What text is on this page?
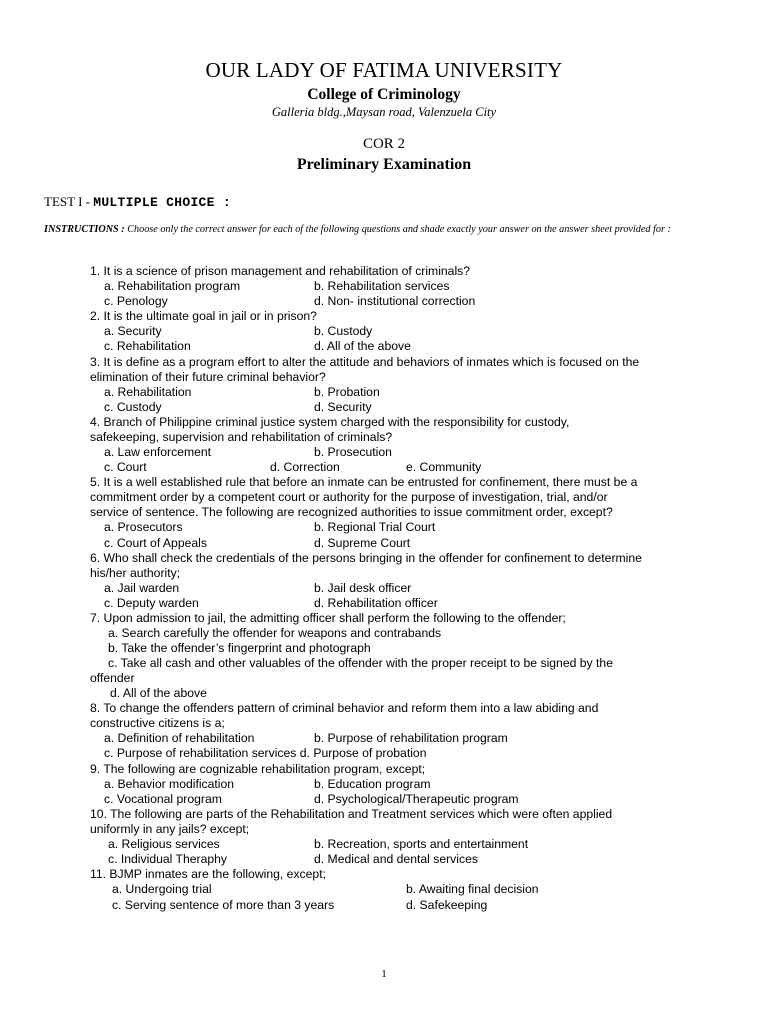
OUR LADY OF FATIMA UNIVERSITY
College of Criminology
Galleria bldg.,Maysan road, Valenzuela City
COR 2
Preliminary Examination
TEST I - MULTIPLE CHOICE :
INSTRUCTIONS : Choose only the correct answer for each of the following questions and shade exactly your answer on the answer sheet provided for :
1. It is a science of prison management and rehabilitation of criminals?
a. Rehabilitation program	b. Rehabilitation services
c. Penology	d. Non- institutional correction
2. It is the ultimate goal in jail or in prison?
a. Security	b. Custody
c. Rehabilitation	d. All of the above
3. It is define as a program effort to alter the attitude and behaviors of inmates which is focused on the
elimination of their future criminal behavior?
a. Rehabilitation	b. Probation
c. Custody	d. Security
4. Branch of Philippine criminal justice system charged with the responsibility for custody,
safekeeping, supervision and rehabilitation of criminals?
a. Law enforcement	b. Prosecution
c. Court	d. Correction	e. Community
5. It is a well established rule that before an inmate can be entrusted for confinement, there must be a
commitment order by a competent court or authority for the purpose of investigation, trial, and/or
service of sentence. The following are recognized authorities to issue commitment order, except?
a. Prosecutors	b. Regional Trial Court
c. Court of Appeals	d. Supreme Court
6. Who shall check the credentials of the persons bringing in the offender for confinement to determine
his/her authority;
a. Jail warden	b. Jail desk officer
c. Deputy warden	d. Rehabilitation officer
7. Upon admission to jail, the admitting officer shall perform the following to the offender;
a. Search carefully the offender for weapons and contrabands
b. Take the offender’s fingerprint and photograph
c. Take all cash and other valuables of the offender with the proper receipt to be signed by the
offender
d. All of the above
8. To change the offenders pattern of criminal behavior and reform them into a law abiding and
constructive citizens is a;
a. Definition of rehabilitation	b. Purpose of rehabilitation program
c. Purpose of rehabilitation services d. Purpose of probation
9. The following are cognizable rehabilitation program, except;
a. Behavior modification	b. Education program
c. Vocational program	d. Psychological/Therapeutic program
10. The following are parts of the Rehabilitation and Treatment services which were often applied
uniformly in any jails? except;
a. Religious services	b. Recreation, sports and entertainment
c. Individual Theraphy	d. Medical and dental services
11. BJMP inmates are the following, except;
a. Undergoing trial	b. Awaiting final decision
c. Serving sentence of more than 3 years	d. Safekeeping
1
